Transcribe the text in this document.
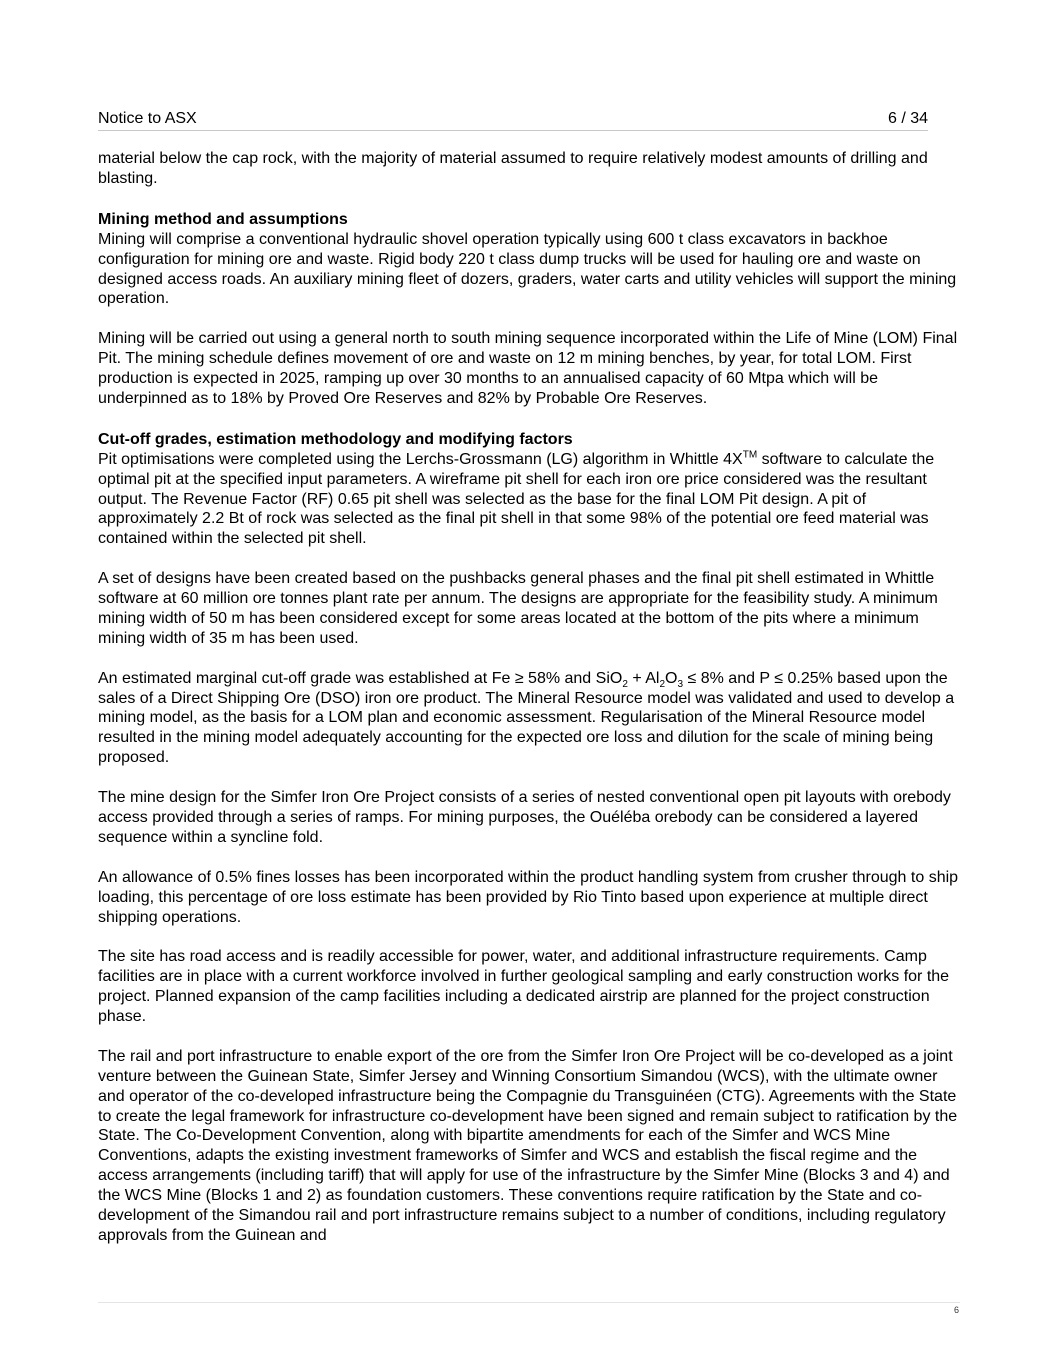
Notice to ASX	6 / 34

material below the cap rock, with the majority of material assumed to require relatively modest amounts of drilling and blasting.

Mining method and assumptions

Mining will comprise a conventional hydraulic shovel operation typically using 600 t class excavators in backhoe configuration for mining ore and waste. Rigid body 220 t class dump trucks will be used for hauling ore and waste on designed access roads. An auxiliary mining fleet of dozers, graders, water carts and utility vehicles will support the mining operation.

Mining will be carried out using a general north to south mining sequence incorporated within the Life of Mine (LOM) Final Pit. The mining schedule defines movement of ore and waste on 12 m mining benches, by year, for total LOM. First production is expected in 2025, ramping up over 30 months to an annualised capacity of 60 Mtpa which will be underpinned as to 18% by Proved Ore Reserves and 82% by Probable Ore Reserves.

Cut-off grades, estimation methodology and modifying factors

Pit optimisations were completed using the Lerchs-Grossmann (LG) algorithm in Whittle 4X™ software to calculate the optimal pit at the specified input parameters. A wireframe pit shell for each iron ore price considered was the resultant output. The Revenue Factor (RF) 0.65 pit shell was selected as the base for the final LOM Pit design. A pit of approximately 2.2 Bt of rock was selected as the final pit shell in that some 98% of the potential ore feed material was contained within the selected pit shell.

A set of designs have been created based on the pushbacks general phases and the final pit shell estimated in Whittle software at 60 million ore tonnes plant rate per annum. The designs are appropriate for the feasibility study. A minimum mining width of 50 m has been considered except for some areas located at the bottom of the pits where a minimum mining width of 35 m has been used.

An estimated marginal cut-off grade was established at Fe ≥ 58% and $SiO_2 + Al_2O_3 \le 8\%$ and P ≤ 0.25% based upon the sales of a Direct Shipping Ore (DSO) iron ore product. The Mineral Resource model was validated and used to develop a mining model, as the basis for a LOM plan and economic assessment. Regularisation of the Mineral Resource model resulted in the mining model adequately accounting for the expected ore loss and dilution for the scale of mining being proposed.

The mine design for the Simfer Iron Ore Project consists of a series of nested conventional open pit layouts with orebody access provided through a series of ramps. For mining purposes, the Ouéléba orebody can be considered a layered sequence within a syncline fold.

An allowance of 0.5% fines losses has been incorporated within the product handling system from crusher through to ship loading, this percentage of ore loss estimate has been provided by Rio Tinto based upon experience at multiple direct shipping operations.

The site has road access and is readily accessible for power, water, and additional infrastructure requirements. Camp facilities are in place with a current workforce involved in further geological sampling and early construction works for the project. Planned expansion of the camp facilities including a dedicated airstrip are planned for the project construction phase.

The rail and port infrastructure to enable export of the ore from the Simfer Iron Ore Project will be co-developed as a joint venture between the Guinean State, Simfer Jersey and Winning Consortium Simandou (WCS), with the ultimate owner and operator of the co-developed infrastructure being the Compagnie du Transguinéen (CTG). Agreements with the State to create the legal framework for infrastructure co-development have been signed and remain subject to ratification by the State. The Co-Development Convention, along with bipartite amendments for each of the Simfer and WCS Mine Conventions, adapts the existing investment frameworks of Simfer and WCS and establish the fiscal regime and the access arrangements (including tariff) that will apply for use of the infrastructure by the Simfer Mine (Blocks 3 and 4) and the WCS Mine (Blocks 1 and 2) as foundation customers. These conventions require ratification by the State and co-development of the Simandou rail and port infrastructure remains subject to a number of conditions, including regulatory approvals from the Guinean and

6
